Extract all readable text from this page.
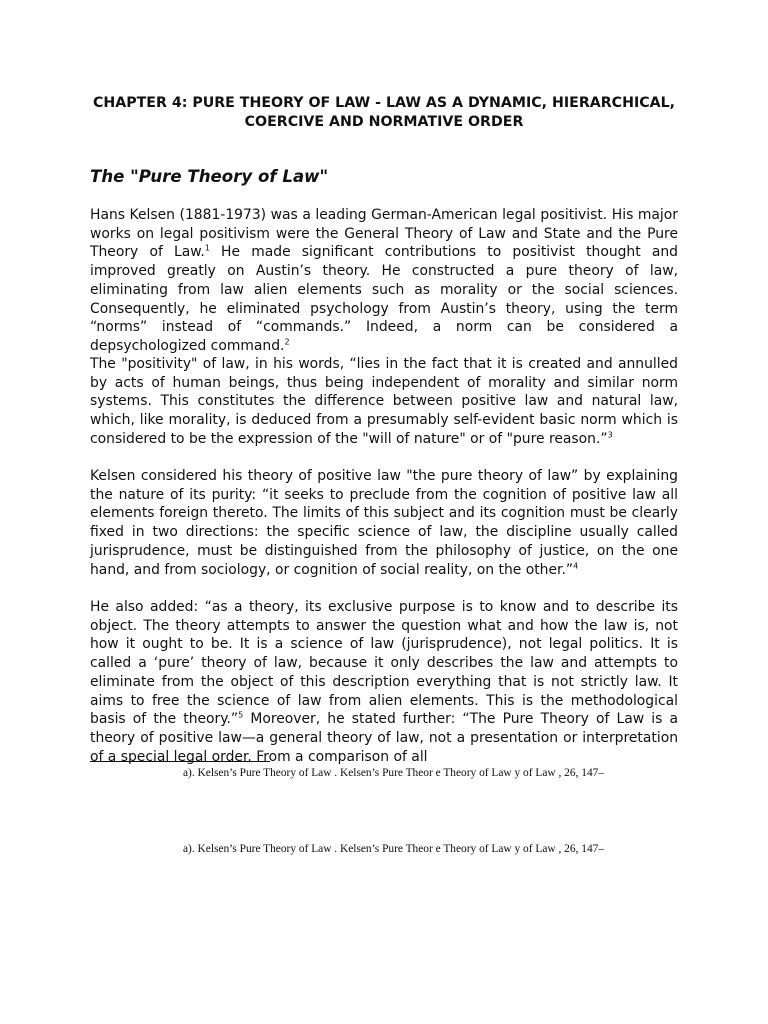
CHAPTER 4: PURE THEORY OF LAW - LAW AS A DYNAMIC, HIERARCHICAL,
COERCIVE AND NORMATIVE ORDER
The "Pure Theory of Law"

Hans Kelsen (1881-1973) was a leading German-American legal positivist. His major works on legal positivism were the General Theory of Law and State and the Pure Theory of Law.$^1$ He made significant contributions to positivist thought and improved greatly on Austin’s theory. He constructed a pure theory of law, eliminating from law alien elements such as morality or the social sciences. Consequently, he eliminated psychology from Austin’s theory, using the term “norms” instead of “commands.” Indeed, a norm can be considered a depsychologized command.$^2$

The "positivity" of law, in his words, “lies in the fact that it is created and annulled by acts of human beings, thus being independent of morality and similar norm systems. This constitutes the difference between positive law and natural law, which, like morality, is deduced from a presumably self-evident basic norm which is considered to be the expression of the "will of nature" or of "pure reason.”$^3$

Kelsen considered his theory of positive law "the pure theory of law” by explaining the nature of its purity: “it seeks to preclude from the cognition of positive law all elements foreign thereto. The limits of this subject and its cognition must be clearly fixed in two directions: the specific science of law, the discipline usually called jurisprudence, must be distinguished from the philosophy of justice, on the one hand, and from sociology, or cognition of social reality, on the other.”$^4$

He also added: “as a theory, its exclusive purpose is to know and to describe its object. The theory attempts to answer the question what and how the law is, not how it ought to be. It is a science of law (jurisprudence), not legal politics. It is called a ‘pure’ theory of law, because it only describes the law and attempts to eliminate from the object of this description everything that is not strictly law. It aims to free the science of law from alien elements. This is the methodological basis of the theory.”$^5$ Moreover, he stated further: “The Pure Theory of Law is a theory of positive law—a general theory of law, not a presentation or interpretation of a special legal order. From a comparison of all

a). Kelsen’s Pure Theory of Law . Kelsen’s Pure Theor e Theory of Law y of Law , 26, 147–
a). Kelsen’s Pure Theory of Law . Kelsen’s Pure Theor e Theory of Law y of Law , 26, 147–
